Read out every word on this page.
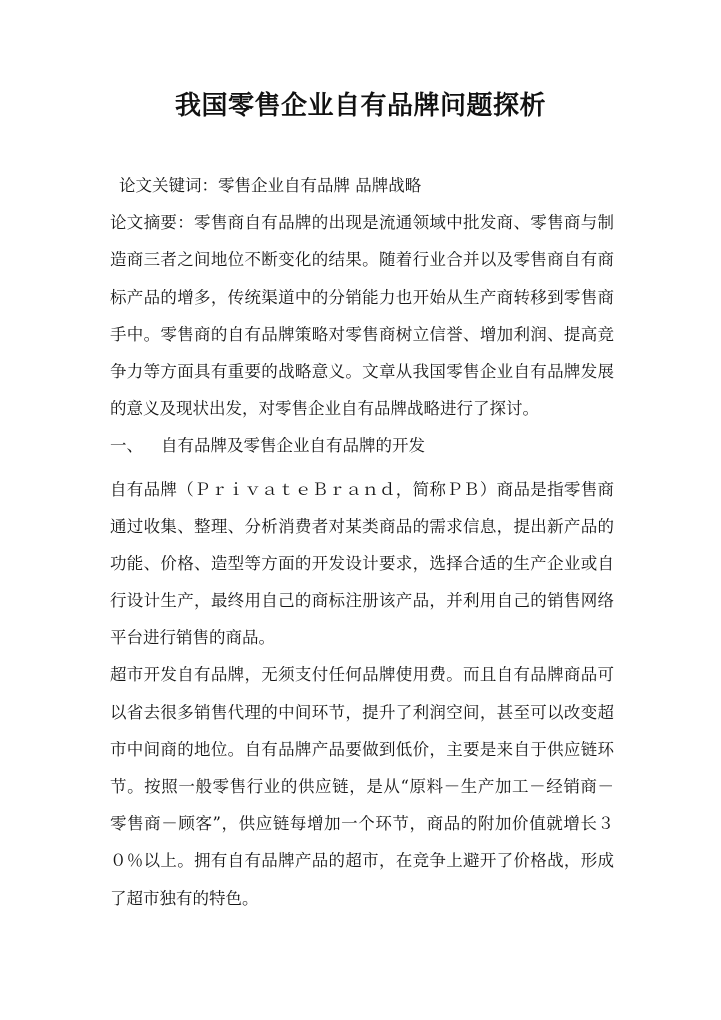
我国零售企业自有品牌问题探析
论文关键词：零售企业自有品牌 品牌战略
论文摘要：零售商自有品牌的出现是流通领域中批发商、零售商与制
造商三者之间地位不断变化的结果。随着行业合并以及零售商自有商
标产品的增多，传统渠道中的分销能力也开始从生产商转移到零售商
手中。零售商的自有品牌策略对零售商树立信誉、增加利润、提高竞
争力等方面具有重要的战略意义。文章从我国零售企业自有品牌发展
的意义及现状出发，对零售企业自有品牌战略进行了探讨。
一、 自有品牌及零售企业自有品牌的开发
自有品牌（ＰｒｉｖａｔｅＢｒａｎｄ，简称ＰＢ）商品是指零售商
通过收集、整理、分析消费者对某类商品的需求信息，提出新产品的
功能、价格、造型等方面的开发设计要求，选择合适的生产企业或自
行设计生产，最终用自己的商标注册该产品，并利用自己的销售网络
平台进行销售的商品。
超市开发自有品牌，无须支付任何品牌使用费。而且自有品牌商品可
以省去很多销售代理的中间环节，提升了利润空间，甚至可以改变超
市中间商的地位。自有品牌产品要做到低价，主要是来自于供应链环
节。按照一般零售行业的供应链，是从“原料－生产加工－经销商－
零售商－顾客”，供应链每增加一个环节，商品的附加价值就增长３
０％以上。拥有自有品牌产品的超市，在竞争上避开了价格战，形成
了超市独有的特色。
